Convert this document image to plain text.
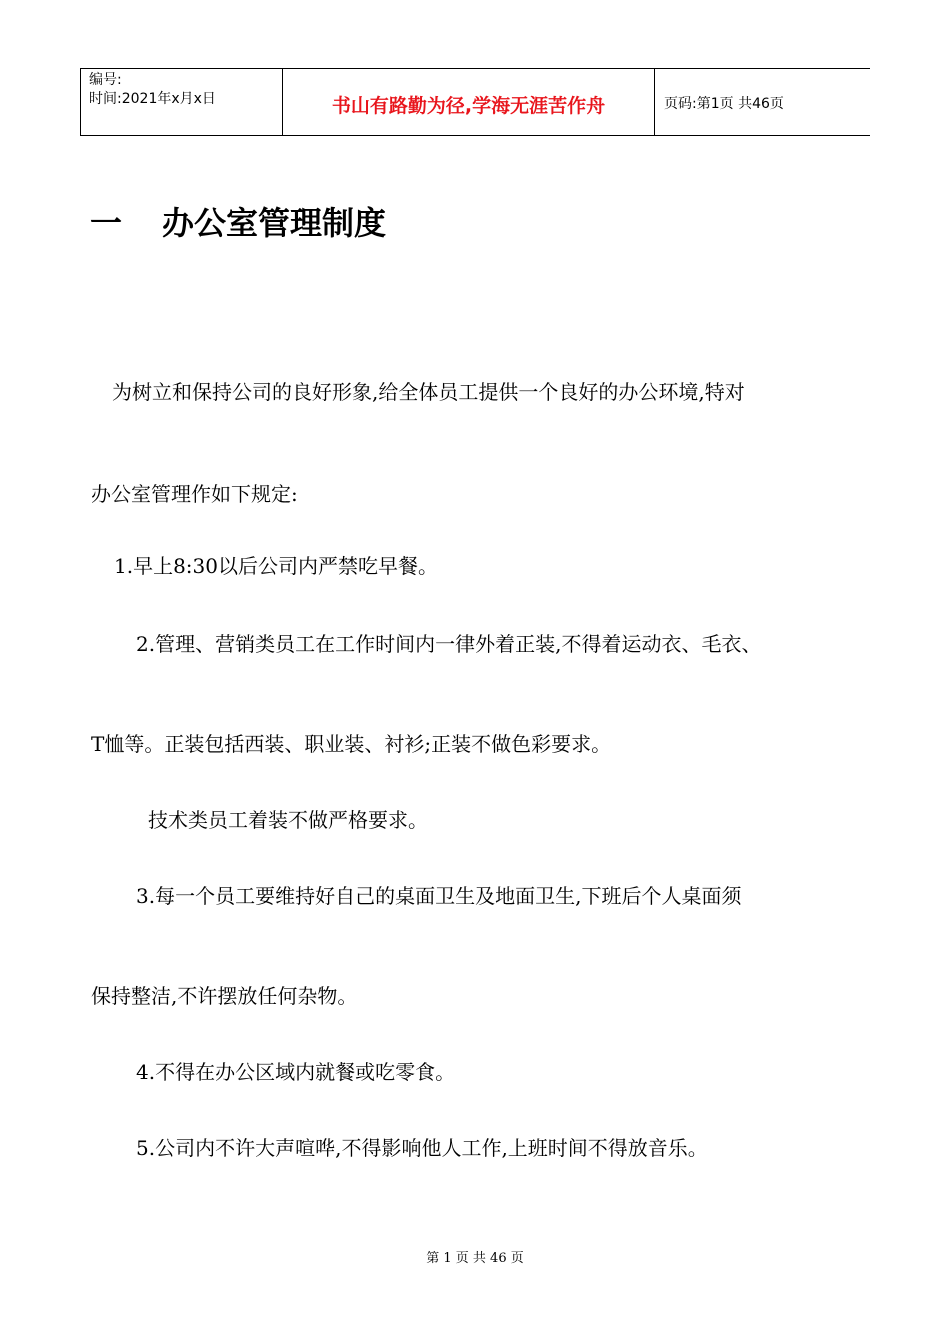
编号:
时间:2021年x月x日	书山有路勤为径,学海无涯苦作舟	页码:第1页 共46页
一 办公室管理制度
为树立和保持公司的良好形象,给全体员工提供一个良好的办公环境,特对
办公室管理作如下规定:
1.早上8:30以后公司内严禁吃早餐。
2.管理、营销类员工在工作时间内一律外着正装,不得着运动衣、毛衣、
T恤等。正装包括西装、职业装、衬衫;正装不做色彩要求。
技术类员工着装不做严格要求。
3.每一个员工要维持好自己的桌面卫生及地面卫生,下班后个人桌面须
保持整洁,不许摆放任何杂物。
4.不得在办公区域内就餐或吃零食。
5.公司内不许大声喧哗,不得影响他人工作,上班时间不得放音乐。
第 1 页 共 46 页
